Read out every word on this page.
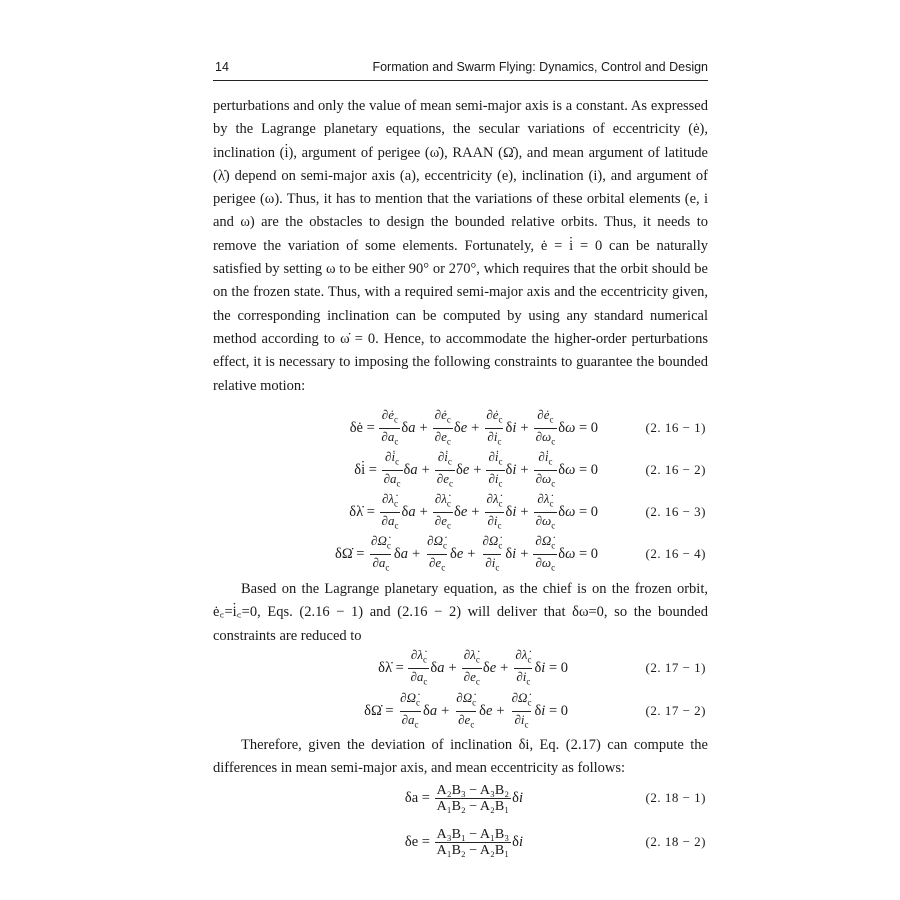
14	Formation and Swarm Flying: Dynamics, Control and Design

perturbations and only the value of mean semi-major axis is a constant. As expressed by the Lagrange planetary equations, the secular variations of eccentricity (ė), inclination (i̇), argument of perigee (ω̇), RAAN (Ω̇), and mean argument of latitude (λ̇) depend on semi-major axis (a), eccentricity (e), inclination (i), and argument of perigee (ω). Thus, it has to mention that the variations of these orbital elements (e, i and ω) are the obstacles to design the bounded relative orbits. Thus, it needs to remove the variation of some elements. Fortunately, ė = i̇ = 0 can be naturally satisfied by setting ω to be either 90° or 270°, which requires that the orbit should be on the frozen state. Thus, with a required semi-major axis and the eccentricity given, the corresponding inclination can be computed by using any standard numerical method according to ω̇ = 0. Hence, to accommodate the higher-order perturbations effect, it is necessary to imposing the following constraints to guarantee the bounded relative motion:

δė = $\frac{\partial ė_c}{\partial a_c}$ δ $a + \frac{\partial ė_c}{\partial e_c}$ δ $e + \frac{\partial ė_c}{\partial i_c}$ δ $i + \frac{\partial ė_c}{\partial\omega_c}$ δ ω = 0	(2. 16 − 1)
δi̇ = $\frac{\partial i̇_c}{\partial a_c}$ δ $a + \frac{\partial i̇_c}{\partial e_c}$ δ $e + \frac{\partial i̇_c}{\partial i_c}$ δ $i + \frac{\partial i̇_c}{\partial\omega_c}$ δ ω = 0	(2. 16 − 2)
δλ̇ = $\frac{\partial\lambdȧ_c}{\partial a_c}$ δ $a + \frac{\partial\lambdȧ_c}{\partial e_c}$ δ $e + \frac{\partial\lambdȧ_c}{\partial i_c}$ δ $i + \frac{\partial\lambdȧ_c}{\partial\omega_c}$ δ ω = 0	(2. 16 − 3)
δΩ̇ = $\frac{\partial\Omegȧ_c}{\partial a_c}$ δ $a + \frac{\partial\Omegȧ_c}{\partial e_c}$ δ $e + \frac{\partial\Omegȧ_c}{\partial i_c}$ δ $i + \frac{\partial\Omegȧ_c}{\partial\omega_c}$ δ ω = 0	(2. 16 − 4)

Based on the Lagrange planetary equation, as the chief is on the frozen orbit, ė꜀=i̇꜀=0, Eqs. (2.16 − 1) and (2.16 − 2) will deliver that δω=0, so the bounded constraints are reduced to

δλ̇ = $\frac{\partial\lambdȧ_c}{\partial a_c}$ δ $a + \frac{\partial\lambdȧ_c}{\partial e_c}$ δ $e + \frac{\partial\lambdȧ_c}{\partial i_c}$ δ i = 0	(2. 17 − 1)
δΩ̇ = $\frac{\partial\Omegȧ_c}{\partial a_c}$ δ $a + \frac{\partial\Omegȧ_c}{\partial e_c}$ δ $e + \frac{\partial\Omegȧ_c}{\partial i_c}$ δ i = 0	(2. 17 − 2)

Therefore, given the deviation of inclination δi, Eq. (2.17) can compute the differences in mean semi-major axis, and mean eccentricity as follows:

$\delta a = \frac{\text{A₂B₃ − A₃B₂}}{\text{A₁B₂ − A₂B₁}}$ δ i	(2. 18 − 1)
$\delta e = \frac{\text{A₃B₁ − A₁B₃}}{\text{A₁B₂ − A₂B₁}}$ δ i	(2. 18 − 2)
